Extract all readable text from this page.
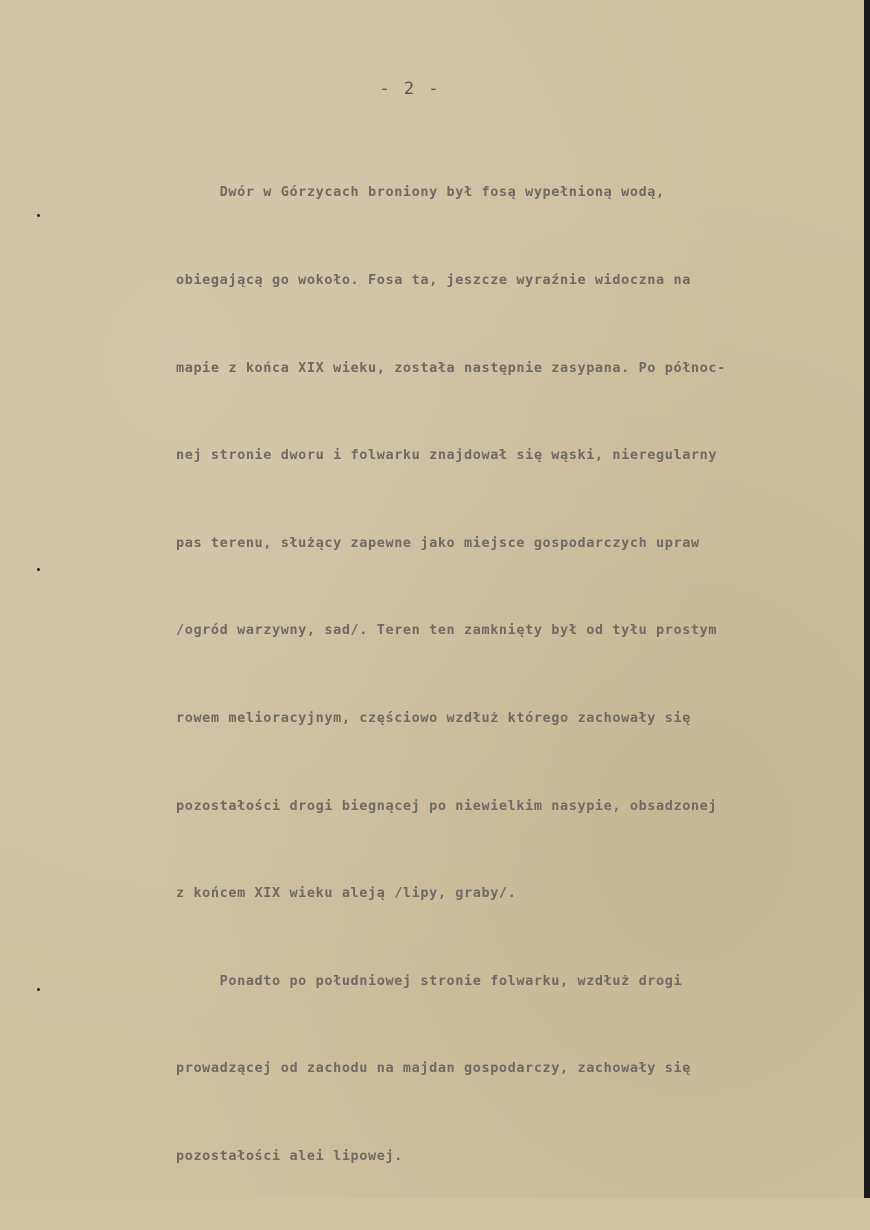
- 2 -

Dwór w Górzycach broniony był fosą wypełnioną wodą,

obiegającą go wokoło. Fosa ta, jeszcze wyraźnie widoczna na

mapie z końca XIX wieku, została następnie zasypana. Po północ-

nej stronie dworu i folwarku znajdował się wąski, nieregularny

pas terenu, służący zapewne jako miejsce gospodarczych upraw

/ogród warzywny, sad/. Teren ten zamknięty był od tyłu prostym

rowem melioracyjnym, częściowo wzdłuż którego zachowały się

pozostałości drogi biegnącej po niewielkim nasypie, obsadzonej

z końcem XIX wieku aleją /lipy, graby/.

Ponadto po południowej stronie folwarku, wzdłuż drogi

prowadzącej od zachodu na majdan gospodarczy, zachowały się

pozostałości alei lipowej.
